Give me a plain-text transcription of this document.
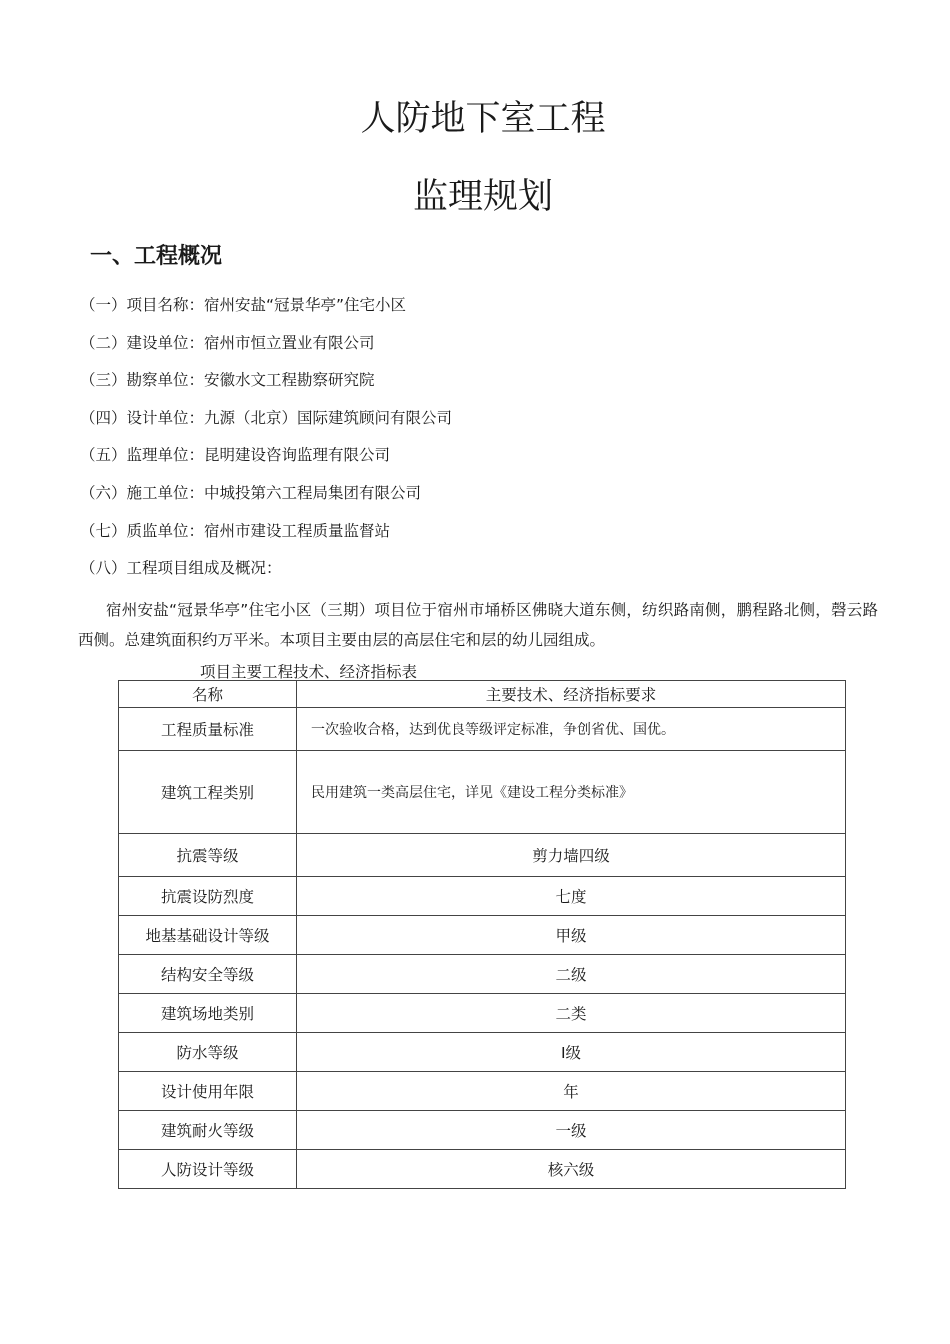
人防地下室工程
监理规划
一、工程概况
（一）项目名称：宿州安盐“冠景华亭”住宅小区
（二）建设单位：宿州市恒立置业有限公司
（三）勘察单位：安徽水文工程勘察研究院
（四）设计单位：九源（北京）国际建筑顾问有限公司
（五）监理单位：昆明建设咨询监理有限公司
（六）施工单位：中城投第六工程局集团有限公司
（七）质监单位：宿州市建设工程质量监督站
（八）工程项目组成及概况：

宿州安盐“冠景华亭”住宅小区（三期）项目位于宿州市埇桥区佛晓大道东侧，纺织路南侧，鹏程路北侧，磬云路西侧。总建筑面积约万平米。本项目主要由层的高层住宅和层的幼儿园组成。

项目主要工程技术、经济指标表

名称	主要技术、经济指标要求
工程质量标准	一次验收合格，达到优良等级评定标准，争创省优、国优。
建筑工程类别	民用建筑一类高层住宅，详见《建设工程分类标准》
抗震等级	剪力墙四级
抗震设防烈度	七度
地基基础设计等级	甲级
结构安全等级	二级
建筑场地类别	二类
防水等级	Ⅰ级
设计使用年限	年
建筑耐火等级	一级
人防设计等级	核六级
